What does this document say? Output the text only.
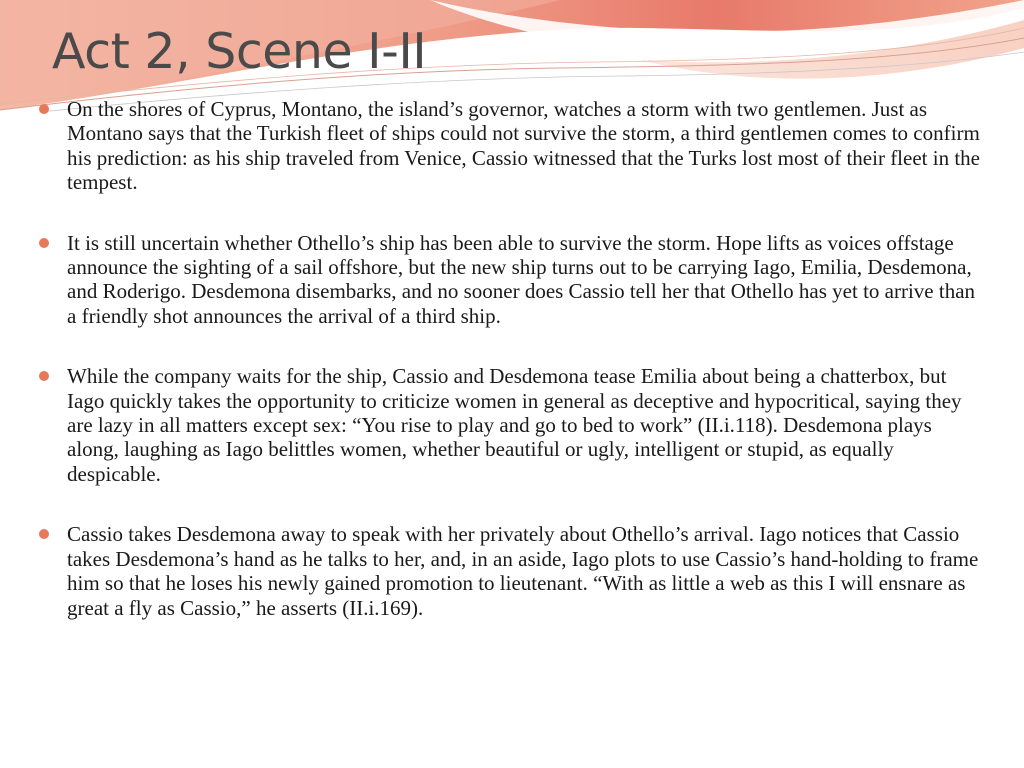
Act 2, Scene I-II
On the shores of Cyprus, Montano, the island’s governor, watches a storm with two gentlemen. Just as Montano says that the Turkish fleet of ships could not survive the storm, a third gentlemen comes to confirm his prediction: as his ship traveled from Venice, Cassio witnessed that the Turks lost most of their fleet in the tempest.
It is still uncertain whether Othello’s ship has been able to survive the storm. Hope lifts as voices offstage announce the sighting of a sail offshore, but the new ship turns out to be carrying Iago, Emilia, Desdemona, and Roderigo. Desdemona disembarks, and no sooner does Cassio tell her that Othello has yet to arrive than a friendly shot announces the arrival of a third ship.
While the company waits for the ship, Cassio and Desdemona tease Emilia about being a chatterbox, but Iago quickly takes the opportunity to criticize women in general as deceptive and hypocritical, saying they are lazy in all matters except sex: “You rise to play and go to bed to work” (II.i.118). Desdemona plays along, laughing as Iago belittles women, whether beautiful or ugly, intelligent or stupid, as equally despicable.
Cassio takes Desdemona away to speak with her privately about Othello’s arrival. Iago notices that Cassio takes Desdemona’s hand as he talks to her, and, in an aside, Iago plots to use Cassio’s hand-holding to frame him so that he loses his newly gained promotion to lieutenant. “With as little a web as this I will ensnare as great a fly as Cassio,” he asserts (II.i.169).
